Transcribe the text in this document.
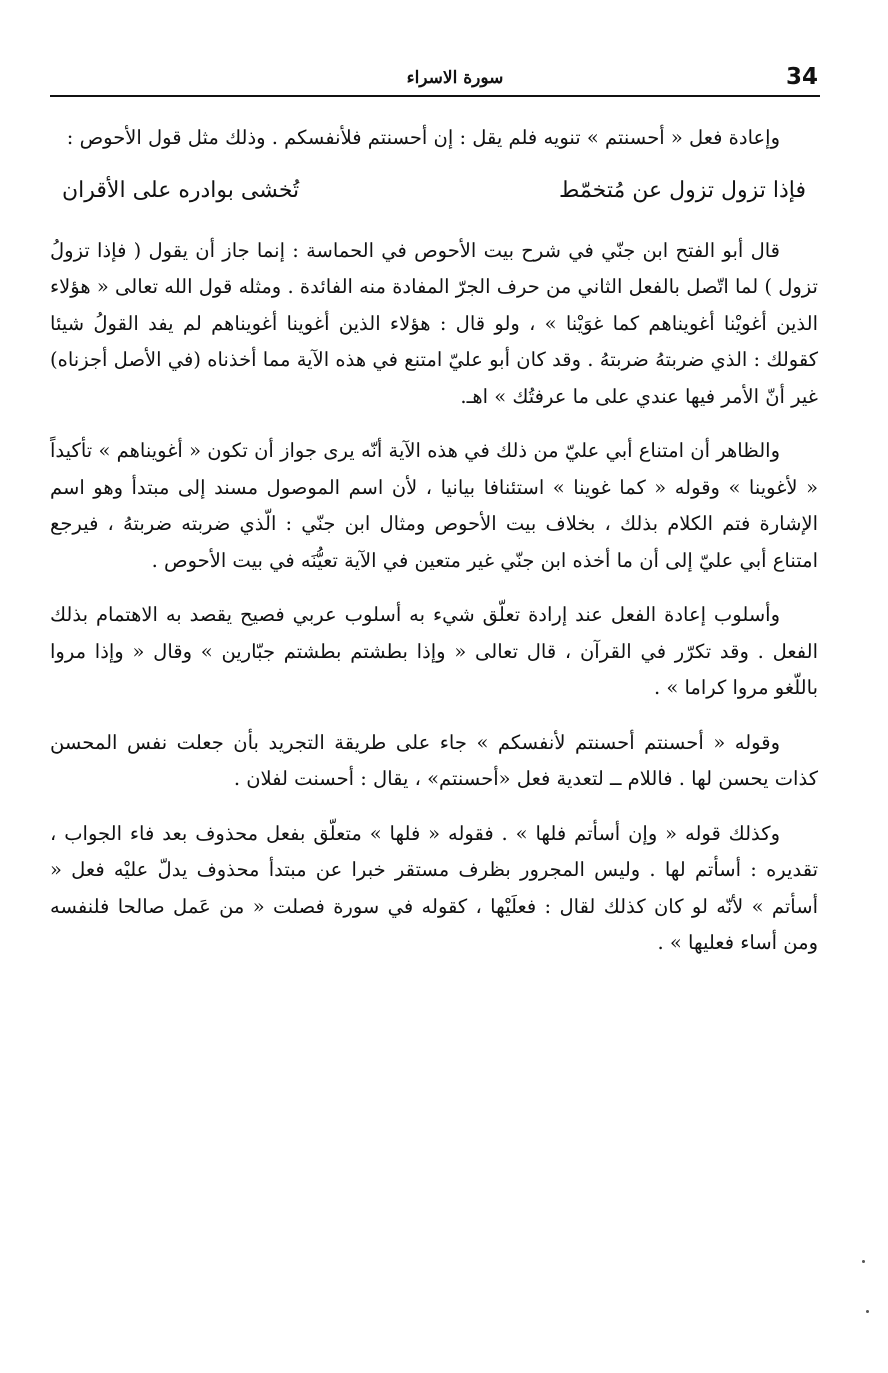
34
سورة الاسراء

وإعادة فعل « أحسنتم » تنويه فلم يقل : إن أحسنتم فلأنفسكم . وذلك مثل قول الأحوص :

فإذا تزول تزول عن مُتخمّط
تُخشى بوادره على الأقران

قال أبو الفتح ابن جنّي في شرح بيت الأحوص في الحماسة : إنما جاز أن يقول ( فإذا تزولُ تزول ) لما اتّصل بالفعل الثاني من حرف الجرّ المفادة منه الفائدة . ومثله قول الله تعالى « هؤلاء الذين أغويْنا أغويناهم كما غوَيْنا » ، ولو قال : هؤلاء الذين أغوينا أغويناهم لم يفد القولُ شيئا كقولك : الذي ضربتهُ ضربتهُ . وقد كان أبو عليّ امتنع في هذه الآية مما أخذناه (في الأصل أجزناه) غير أنّ الأمر فيها عندي على ما عرفتُك » اهـ.

والظاهر أن امتناع أبي عليّ من ذلك في هذه الآية أنّه يرى جواز أن تكون « أغويناهم » تأكيداً « لأغوينا » وقوله « كما غوينا » استئنافا بيانيا ، لأن اسم الموصول مسند إلى مبتدأ وهو اسم الإشارة فتم الكلام بذلك ، بخلاف بيت الأحوص ومثال ابن جنّي : الّذي ضربته ضربتهُ ، فيرجع امتناع أبي عليّ إلى أن ما أخذه ابن جنّي غير متعين في الآية تعيُّنَه في بيت الأحوص .

وأسلوب إعادة الفعل عند إرادة تعلّق شيء به أسلوب عربي فصيح يقصد به الاهتمام بذلك الفعل . وقد تكرّر في القرآن ، قال تعالى « وإذا بطشتم بطشتم جبّارين » وقال « وإذا مروا باللّغو مروا كراما » .

وقوله « أحسنتم أحسنتم لأنفسكم » جاء على طريقة التجريد بأن جعلت نفس المحسن كذات يحسن لها . فاللام ــ لتعدية فعل «أحسنتم» ، يقال : أحسنت لفلان .

وكذلك قوله « وإن أسأتم فلها » . فقوله « فلها » متعلّق بفعل محذوف بعد فاء الجواب ، تقديره : أسأتم لها . وليس المجرور بظرف مستقر خبرا عن مبتدأ محذوف يدلّ عليْه فعل « أسأتم » لأنّه لو كان كذلك لقال : فعلَيْها ، كقوله في سورة فصلت « من عَمل صالحا فلنفسه ومن أساء فعليها » .
